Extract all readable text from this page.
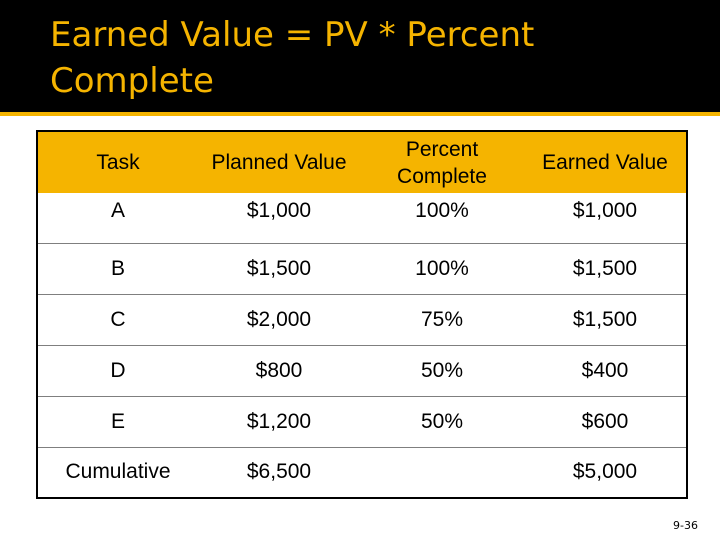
Earned Value = PV * Percent Complete
Task	Planned Value	Percent Complete	Earned Value
A	$1,000	100%	$1,000
B	$1,500	100%	$1,500
C	$2,000	75%	$1,500
D	$800	50%	$400
E	$1,200	50%	$600
Cumulative	$6,500		$5,000
9-36
